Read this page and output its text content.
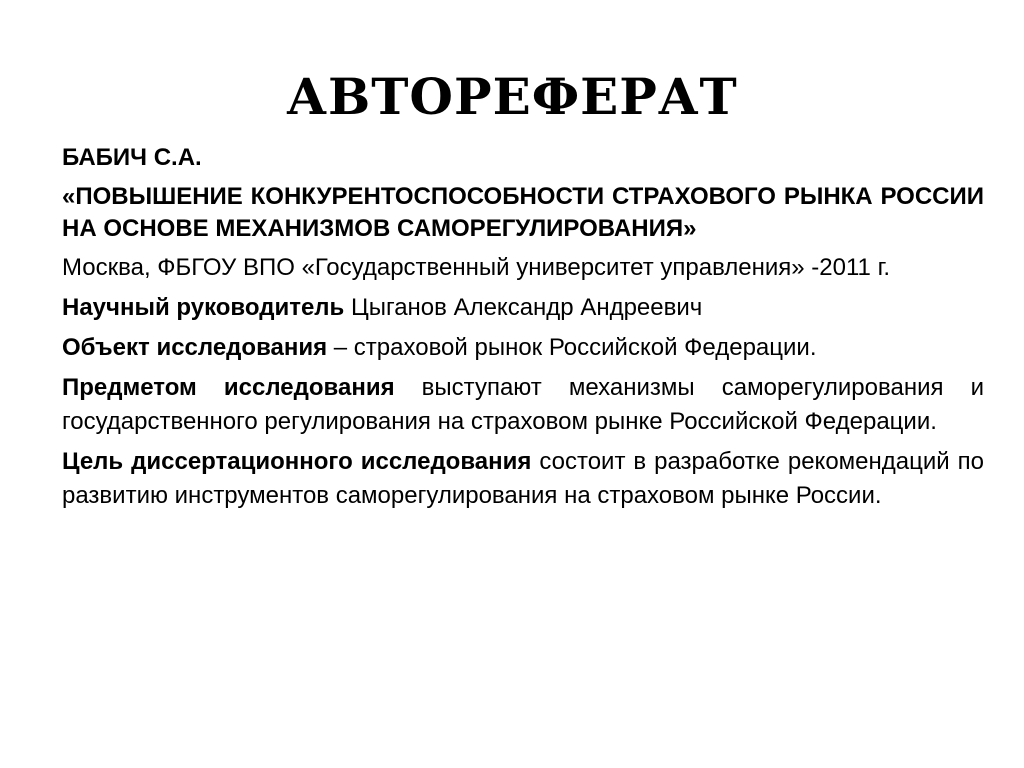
АВТОРЕФЕРАТ

БАБИЧ С.А.

«ПОВЫШЕНИЕ КОНКУРЕНТОСПОСОБНОСТИ СТРАХОВОГО РЫНКА РОССИИ НА ОСНОВЕ МЕХАНИЗМОВ САМОРЕГУЛИРОВАНИЯ»

Москва, ФБГОУ ВПО «Государственный университет управления» -2011 г.

Научный руководитель Цыганов Александр Андреевич

Объект исследования – страховой рынок Российской Федерации.

Предметом исследования выступают механизмы саморегулирования и государственного регулирования на страховом рынке Российской Федерации.

Цель диссертационного исследования состоит в разработке рекомендаций по развитию инструментов саморегулирования на страховом рынке России.
